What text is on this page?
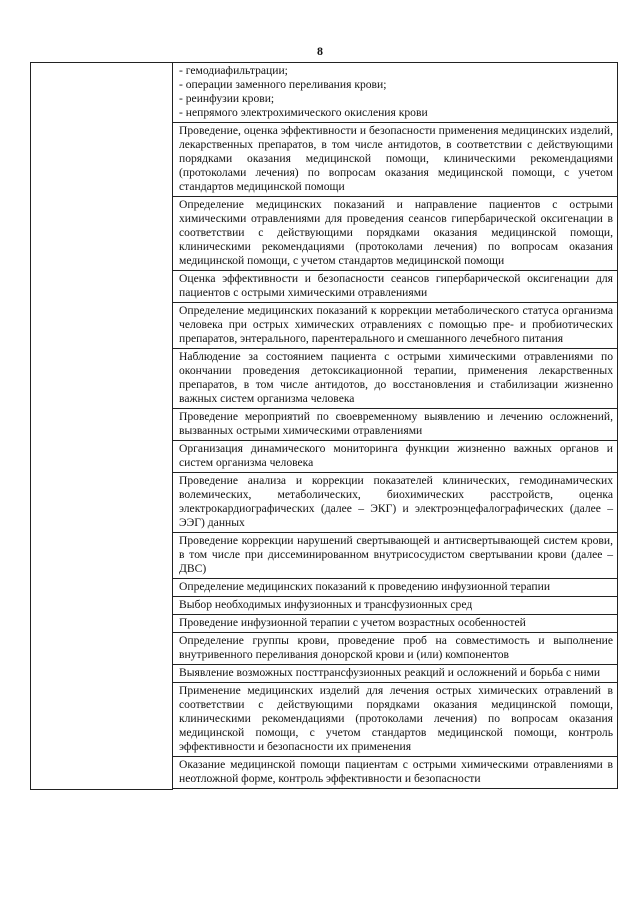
8
- гемодиафильтрации;
- операции заменного переливания крови;
- реинфузии крови;
- непрямого электрохимического окисления крови

Проведение, оценка эффективности и безопасности применения медицинских изделий, лекарственных препаратов, в том числе антидотов, в соответствии с действующими порядками оказания медицинской помощи, клиническими рекомендациями (протоколами лечения) по вопросам оказания медицинской помощи, с учетом стандартов медицинской помощи

Определение медицинских показаний и направление пациентов с острыми химическими отравлениями для проведения сеансов гипербарической оксигенации в соответствии с действующими порядками оказания медицинской помощи, клиническими рекомендациями (протоколами лечения) по вопросам оказания медицинской помощи, с учетом стандартов медицинской помощи

Оценка эффективности и безопасности сеансов гипербарической оксигенации для пациентов с острыми химическими отравлениями

Определение медицинских показаний к коррекции метаболического статуса организма человека при острых химических отравлениях с помощью пре- и пробиотических препаратов, энтерального, парентерального и смешанного лечебного питания

Наблюдение за состоянием пациента с острыми химическими отравлениями по окончании проведения детоксикационной терапии, применения лекарственных препаратов, в том числе антидотов, до восстановления и стабилизации жизненно важных систем организма человека

Проведение мероприятий по своевременному выявлению и лечению осложнений, вызванных острыми химическими отравлениями

Организация динамического мониторинга функции жизненно важных органов и систем организма человека

Проведение анализа и коррекции показателей клинических, гемодинамических волемических, метаболических, биохимических расстройств, оценка электрокардиографических (далее – ЭКГ) и электроэнцефалографических (далее – ЭЭГ) данных

Проведение коррекции нарушений свертывающей и антисвертывающей систем крови, в том числе при диссеминированном внутрисосудистом свертывании крови (далее – ДВС)

Определение медицинских показаний к проведению инфузионной терапии

Выбор необходимых инфузионных и трансфузионных сред

Проведение инфузионной терапии с учетом возрастных особенностей

Определение группы крови, проведение проб на совместимость и выполнение внутривенного переливания донорской крови и (или) компонентов

Выявление возможных посттрансфузионных реакций и осложнений и борьба с ними

Применение медицинских изделий для лечения острых химических отравлений в соответствии с действующими порядками оказания медицинской помощи, клиническими рекомендациями (протоколами лечения) по вопросам оказания медицинской помощи, с учетом стандартов медицинской помощи, контроль эффективности и безопасности их применения

Оказание медицинской помощи пациентам с острыми химическими отравлениями в неотложной форме, контроль эффективности и безопасности
